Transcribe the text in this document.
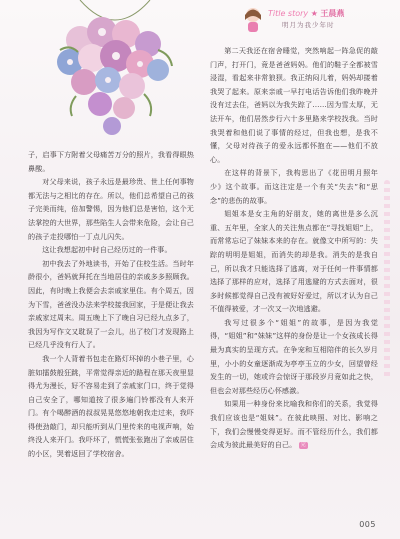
Title story ★ 王晨燕
明月为我少年时

子，启事下方附着父母痛苦万分的照片，我看得眼热鼻酸。

对父母来说，孩子永远是最珍贵、世上任何事物都无法与之相比的存在。所以，他们总希望自己的孩子完美而纯，倍加警惕，因为他们总是害怕，这个无法掌控的大世界，那些陷生人会带来危险，会让自己的孩子走投哪怕一丁点儿闪失。

这让我想起初中时自己经历过的一件事。

初中我去了外地读书，开始了住校生活。当时年龄很小，爸妈就拜托在当地居住的亲戚多多照顾我。因此，有时晚上我便会去亲戚家里住。有个周五，因为下雪，爸爸没办法来学校接我回家，于是便让我去亲戚家过周末。周五晚上下了晚自习已经九点多了，我因为写作文又耽误了一会儿，出了校门才发现路上已经几乎没有行人了。

我一个人背着书包走在路灯坏掉的小巷子里，心脏如擂鼓般狂跳，平常觉得亲近的路程在那天夜里显得尤为漫长，好不容易走到了亲戚家门口，终于觉得自己安全了，哪知道按了很多遍门铃都没有人来开门。有个喝醉酒的叔叔晃晃悠悠地朝我走过来，我吓得使劲敲门，却只能听到从门里传来的电视声响，始终没人来开门。我吓坏了，慌慌张张跑出了亲戚居住的小区，哭着返回了学校宿舍。

第二天我还在宿舍睡觉，突然响起一阵急促的敲门声，打开门，竟是爸爸妈妈。他们的鞋子全都被雪浸湿，看起来非常狼狈。我正纳闷儿着，妈妈却搂着我哭了起来。原来亲戚一早打电话告诉他们我昨晚并没有过去住，爸妈以为我失踪了……因为雪太厚，无法开车，他们居然步行六十多里路来学校找我。当时我哭着和他们说了事情的经过，但我也想，是我不懂，父母对待孩子的爱永远都怀抱在——他们不放心。

在这样的背景下，我构思出了《花田明月照年少》这个故事。而这注定是一个有关“失去”和“思念”的悲伤的故事。

姐姐本是女主角的好朋友，她的离世是多么沉重、五年里，全家人的关注焦点都在“寻找姐姐”上，而常常忘记了妹妹本来的存在。就像文中所写的：失踪的明明是姐姐，而消失的却是我。消失的是我自己，所以我才只能选择了逃离，对于任何一件事情都选择了那样的应对，选择了用逃避的方式去面对，很多时候都觉得自己没有被好好爱过，所以才认为自己不值得被爱，才一次又一次地逃避。

我写过很多个“姐姐”的故事，是因为我觉得，“姐姐”和“妹妹”这样的身份是让一个女孩成长得最为真实的呈现方式。在争宠和互相陪伴的长久岁月里，小小的女童逐渐成为亭亭玉立的少女，回望曾经发生的一切，她或许会惊讶于那段岁月竟如此之快，但也会对那些经历心怀感激。

如果用一种身份来比喻我和你们的关系，我觉得我们应该也是“姐妹”。在彼此映照、对比、影响之下，我们会慢慢变得更好。而不管经历什么，我们都会成为彼此最美好的自己。 完

005
